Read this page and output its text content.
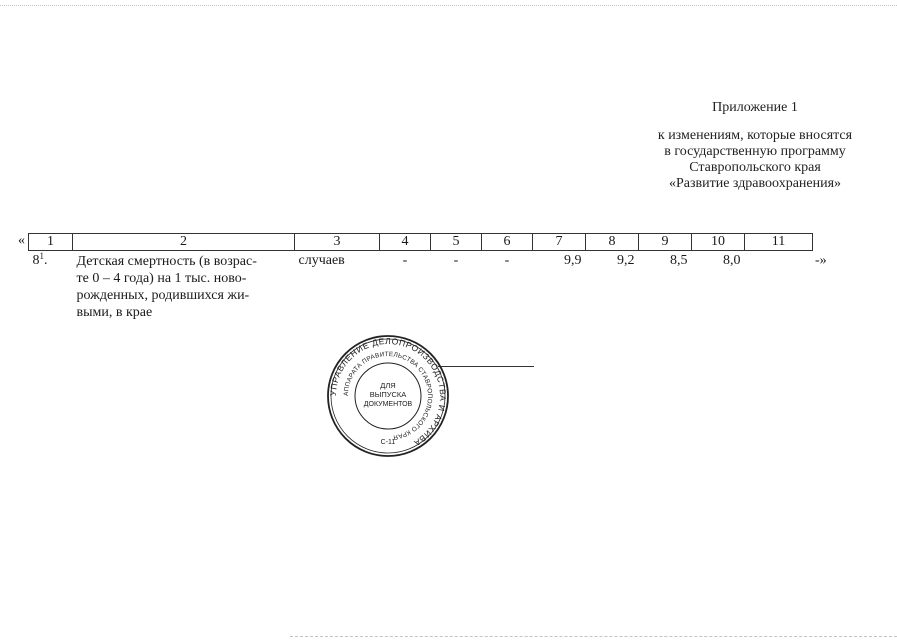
Приложение 1
к изменениям, которые вносятся
в государственную программу
Ставропольского края
«Развитие здравоохранения»
« 1	2	3	4	5	6	7	8	9	10	11
$8^1$.	Детская смертность (в возрас-
те 0 – 4 года) на 1 тыс. ново-
рожденных, родившихся жи-
выми, в крае	случаев	-	-	-	9,9	9,2	8,5	8,0		-»
УПРАВЛЕНИЕ ДЕЛОПРОИЗВОДСТВА И АРХИВА
АППАРАТА ПРАВИТЕЛЬСТВА СТАВРОПОЛЬСКОГО КРАЯ
ДЛЯ
ВЫПУСКА
ДОКУМЕНТОВ
С-11
